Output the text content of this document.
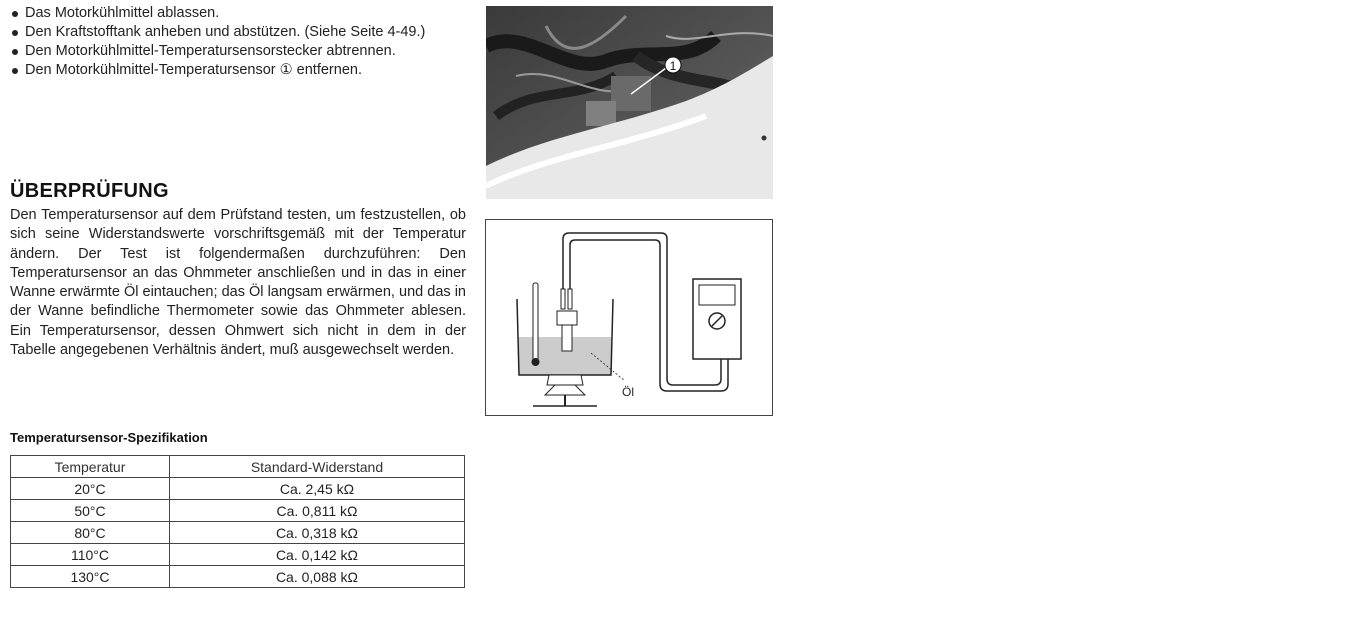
Das Motorkühlmittel ablassen.
Den Kraftstofftank anheben und abstützen. (Siehe Seite 4-49.)
Den Motorkühlmittel-Temperatursensorstecker abtrennen.
Den Motorkühlmittel-Temperatursensor ① entfernen.
ÜBERPRÜFUNG
Den Temperatursensor auf dem Prüfstand testen, um festzustellen, ob sich seine Widerstandswerte vorschriftsgemäß mit der Temperatur ändern. Der Test ist folgendermaßen durchzuführen: Den Temperatursensor an das Ohmmeter anschließen und in das in einer Wanne erwärmte Öl eintauchen; das Öl langsam erwärmen, und das in der Wanne befindliche Thermometer sowie das Ohmmeter ablesen. Ein Temperatursensor, dessen Ohmwert sich nicht in dem in der Tabelle angegebenen Verhältnis ändert, muß ausgewechselt werden.
Temperatursensor-Spezifikation
Temperatur	Standard-Widerstand
20°C	Ca. 2,45 kΩ
50°C	Ca. 0,811 kΩ
80°C	Ca. 0,318 kΩ
110°C	Ca. 0,142 kΩ
130°C	Ca. 0,088 kΩ
1
Öl
